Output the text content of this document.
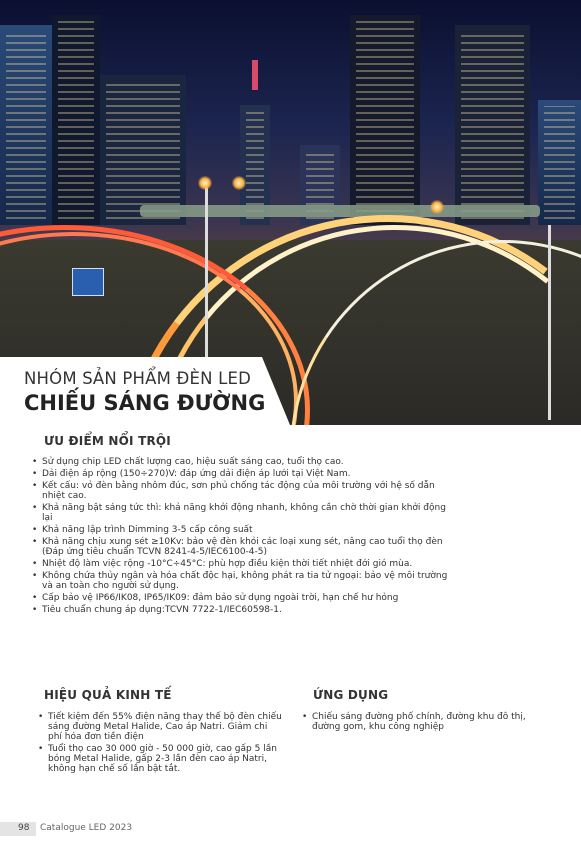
NHÓM SẢN PHẨM ĐÈN LED
CHIẾU SÁNG ĐƯỜNG
ƯU ĐIỂM NỔI TRỘI
• Sử dụng chip LED chất lượng cao, hiệu suất sáng cao, tuổi thọ cao.
• Dải điện áp rộng (150÷270)V: đáp ứng dải điện áp lưới tại Việt Nam.
• Kết cấu: vỏ đèn bằng nhôm đúc, sơn phủ chống tác động của môi trường với hệ số dẫn nhiệt cao.
• Khả năng bật sáng tức thì: khả năng khởi động nhanh, không cần chờ thời gian khởi động lại
• Khả năng lập trình Dimming 3-5 cấp công suất
• Khả năng chịu xung sét ≥10Kv: bảo vệ đèn khỏi các loại xung sét, nâng cao tuổi thọ đèn (Đáp ứng tiêu chuẩn TCVN 8241-4-5/IEC6100-4-5)
• Nhiệt độ làm việc rộng -10°C÷45°C: phù hợp điều kiện thời tiết nhiệt đới gió mùa.
• Không chứa thủy ngân và hóa chất độc hại, không phát ra tia tử ngoại: bảo vệ môi trường và an toàn cho người sử dụng.
• Cấp bảo vệ IP66/IK08, IP65/IK09: đảm bảo sử dụng ngoài trời, hạn chế hư hỏng
• Tiêu chuẩn chung áp dụng:TCVN 7722-1/IEC60598-1.
HIỆU QUẢ KINH TẾ
• Tiết kiệm đến 55% điện năng thay thế bộ đèn chiếu sáng đường Metal Halide, Cao áp Natri. Giảm chi phí hóa đơn tiền điện
• Tuổi thọ cao 30 000 giờ - 50 000 giờ, cao gấp 5 lần bóng Metal Halide, gấp 2-3 lần đèn cao áp Natri, không hạn chế số lần bật tắt.
ỨNG DỤNG
• Chiếu sáng đường phố chính, đường khu đô thị, đường gom, khu công nghiệp
98 Catalogue LED 2023
